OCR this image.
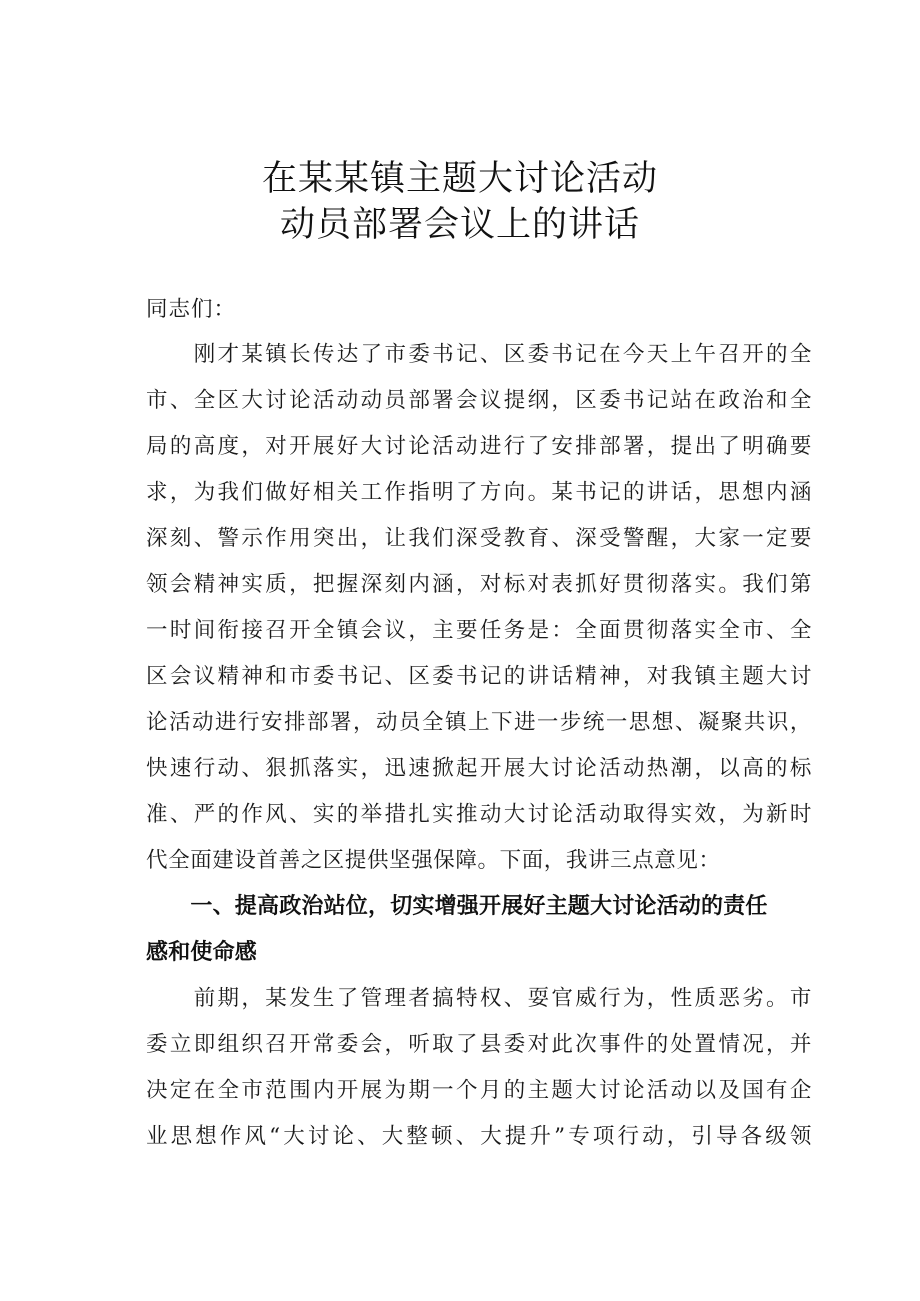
在某某镇主题大讨论活动
动员部署会议上的讲话
同志们：
　　刚才某镇长传达了市委书记、区委书记在今天上午召开的全
市、全区大讨论活动动员部署会议提纲，区委书记站在政治和全
局的高度，对开展好大讨论活动进行了安排部署，提出了明确要
求，为我们做好相关工作指明了方向。某书记的讲话，思想内涵
深刻、警示作用突出，让我们深受教育、深受警醒，大家一定要
领会精神实质，把握深刻内涵，对标对表抓好贯彻落实。我们第
一时间衔接召开全镇会议，主要任务是：全面贯彻落实全市、全
区会议精神和市委书记、区委书记的讲话精神，对我镇主题大讨
论活动进行安排部署，动员全镇上下进一步统一思想、凝聚共识，
快速行动、狠抓落实，迅速掀起开展大讨论活动热潮，以高的标
准、严的作风、实的举措扎实推动大讨论活动取得实效，为新时
代全面建设首善之区提供坚强保障。下面，我讲三点意见：
　　一、提高政治站位，切实增强开展好主题大讨论活动的责任
感和使命感
　　前期，某发生了管理者搞特权、耍官威行为，性质恶劣。市
委立即组织召开常委会，听取了县委对此次事件的处置情况，并
决定在全市范围内开展为期一个月的主题大讨论活动以及国有企
业思想作风“大讨论、大整顿、大提升”专项行动，引导各级领
